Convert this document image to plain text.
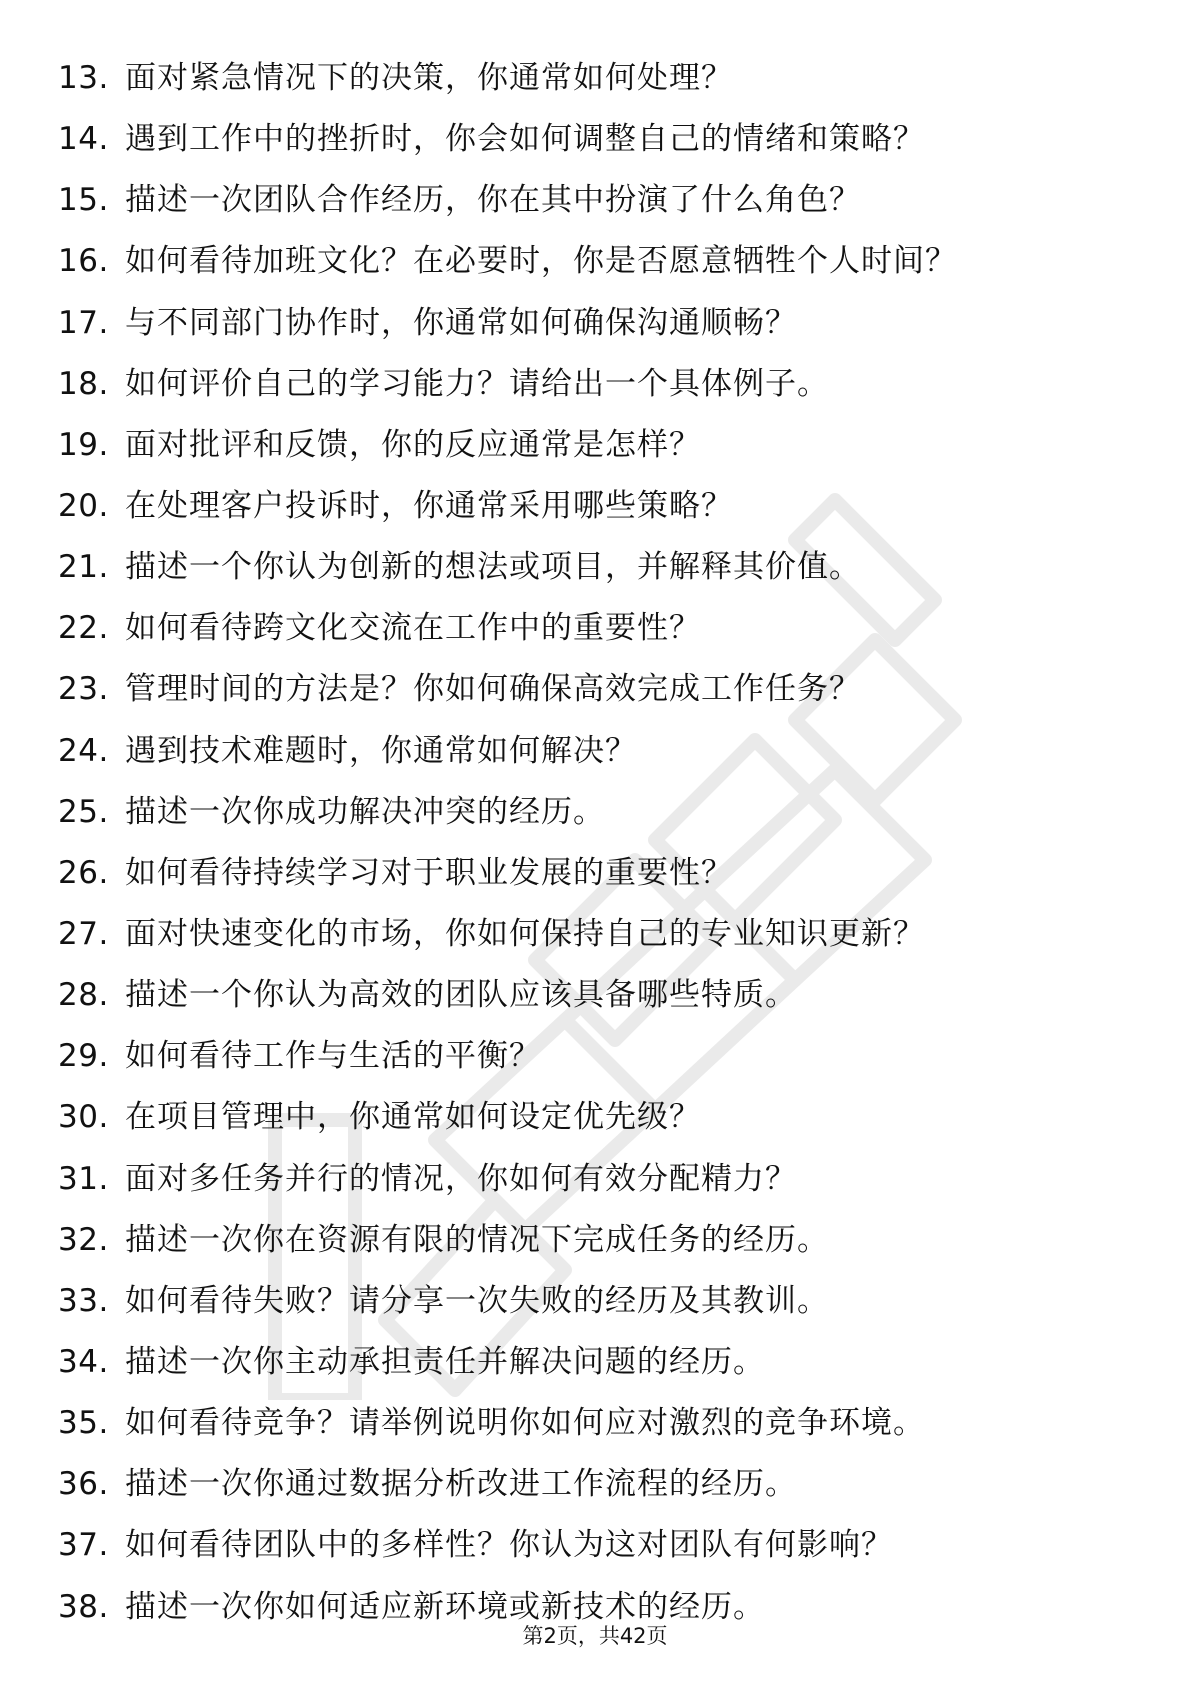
13. 面对紧急情况下的决策，你通常如何处理？
14. 遇到工作中的挫折时，你会如何调整自己的情绪和策略？
15. 描述一次团队合作经历，你在其中扮演了什么角色？
16. 如何看待加班文化？在必要时，你是否愿意牺牲个人时间？
17. 与不同部门协作时，你通常如何确保沟通顺畅？
18. 如何评价自己的学习能力？请给出一个具体例子。
19. 面对批评和反馈，你的反应通常是怎样？
20. 在处理客户投诉时，你通常采用哪些策略？
21. 描述一个你认为创新的想法或项目，并解释其价值。
22. 如何看待跨文化交流在工作中的重要性？
23. 管理时间的方法是？你如何确保高效完成工作任务？
24. 遇到技术难题时，你通常如何解决？
25. 描述一次你成功解决冲突的经历。
26. 如何看待持续学习对于职业发展的重要性？
27. 面对快速变化的市场，你如何保持自己的专业知识更新？
28. 描述一个你认为高效的团队应该具备哪些特质。
29. 如何看待工作与生活的平衡？
30. 在项目管理中，你通常如何设定优先级？
31. 面对多任务并行的情况，你如何有效分配精力？
32. 描述一次你在资源有限的情况下完成任务的经历。
33. 如何看待失败？请分享一次失败的经历及其教训。
34. 描述一次你主动承担责任并解决问题的经历。
35. 如何看待竞争？请举例说明你如何应对激烈的竞争环境。
36. 描述一次你通过数据分析改进工作流程的经历。
37. 如何看待团队中的多样性？你认为这对团队有何影响？
38. 描述一次你如何适应新环境或新技术的经历。
第2页，共42页
